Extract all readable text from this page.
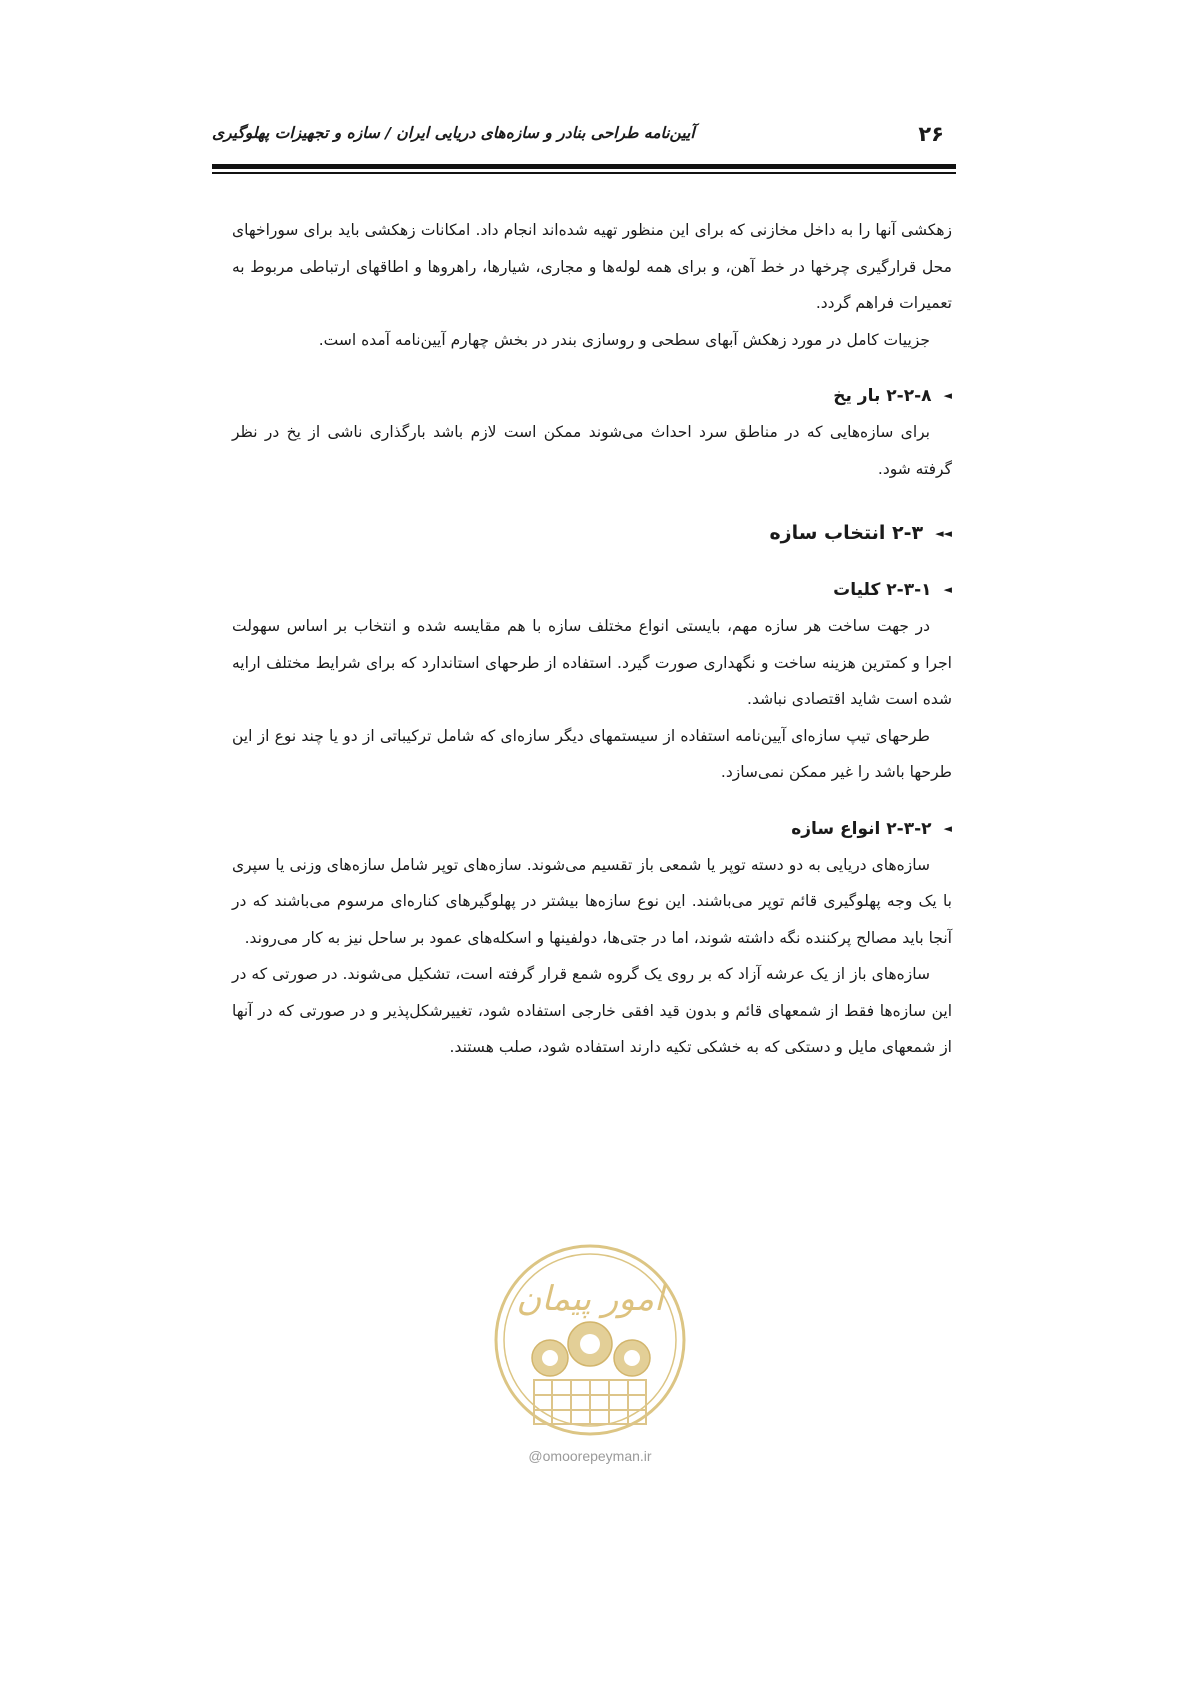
۲۶
آیین‌نامه طراحی بنادر و سازه‌های دریایی ایران / سازه و تجهیزات پهلوگیری

زهکشی آنها را به داخل مخازنی که برای این منظور تهیه شده‌اند انجام داد. امکانات زهکشی باید برای سوراخهای محل قرارگیری چرخها در خط آهن، و برای همه لوله‌ها و مجاری، شیارها، راهروها و اطاقهای ارتباطی مربوط به تعمیرات فراهم گردد.

جزییات کامل در مورد زهکش آبهای سطحی و روسازی بندر در بخش چهارم آیین‌نامه آمده است.

◄۲-۲-۸ بار یخ

برای سازه‌هایی که در مناطق سرد احداث می‌شوند ممکن است لازم باشد بارگذاری ناشی از یخ در نظر گرفته شود.

◄◄۲-۳ انتخاب سازه
◄۲-۳-۱ کلیات

در جهت ساخت هر سازه مهم، بایستی انواع مختلف سازه با هم مقایسه شده و انتخاب بر اساس سهولت اجرا و کمترین هزینه ساخت و نگهداری صورت گیرد. استفاده از طرحهای استاندارد که برای شرایط مختلف ارایه شده است شاید اقتصادی نباشد.

طرحهای تیپ سازه‌ای آیین‌نامه استفاده از سیستمهای دیگر سازه‌ای که شامل ترکیباتی از دو یا چند نوع از این طرحها باشد را غیر ممکن نمی‌سازد.

◄۲-۳-۲ انواع سازه

سازه‌های دریایی به دو دسته توپر یا شمعی باز تقسیم می‌شوند. سازه‌های توپر شامل سازه‌های وزنی یا سپری با یک وجه پهلوگیری قائم توپر می‌باشند. این نوع سازه‌ها بیشتر در پهلوگیرهای کناره‌ای مرسوم می‌باشند که در آنجا باید مصالح پرکننده نگه داشته شوند، اما در جتی‌ها، دولفینها و اسکله‌های عمود بر ساحل نیز به کار می‌روند.

سازه‌های باز از یک عرشه آزاد که بر روی یک گروه شمع قرار گرفته است، تشکیل می‌شوند. در صورتی که در این سازه‌ها فقط از شمعهای قائم و بدون قید افقی خارجی استفاده شود، تغییرشکل‌پذیر و در صورتی که در آنها از شمعهای مایل و دستکی که به خشکی تکیه دارند استفاده شود، صلب هستند.

امور پیمان
@omoorepeyman.ir
